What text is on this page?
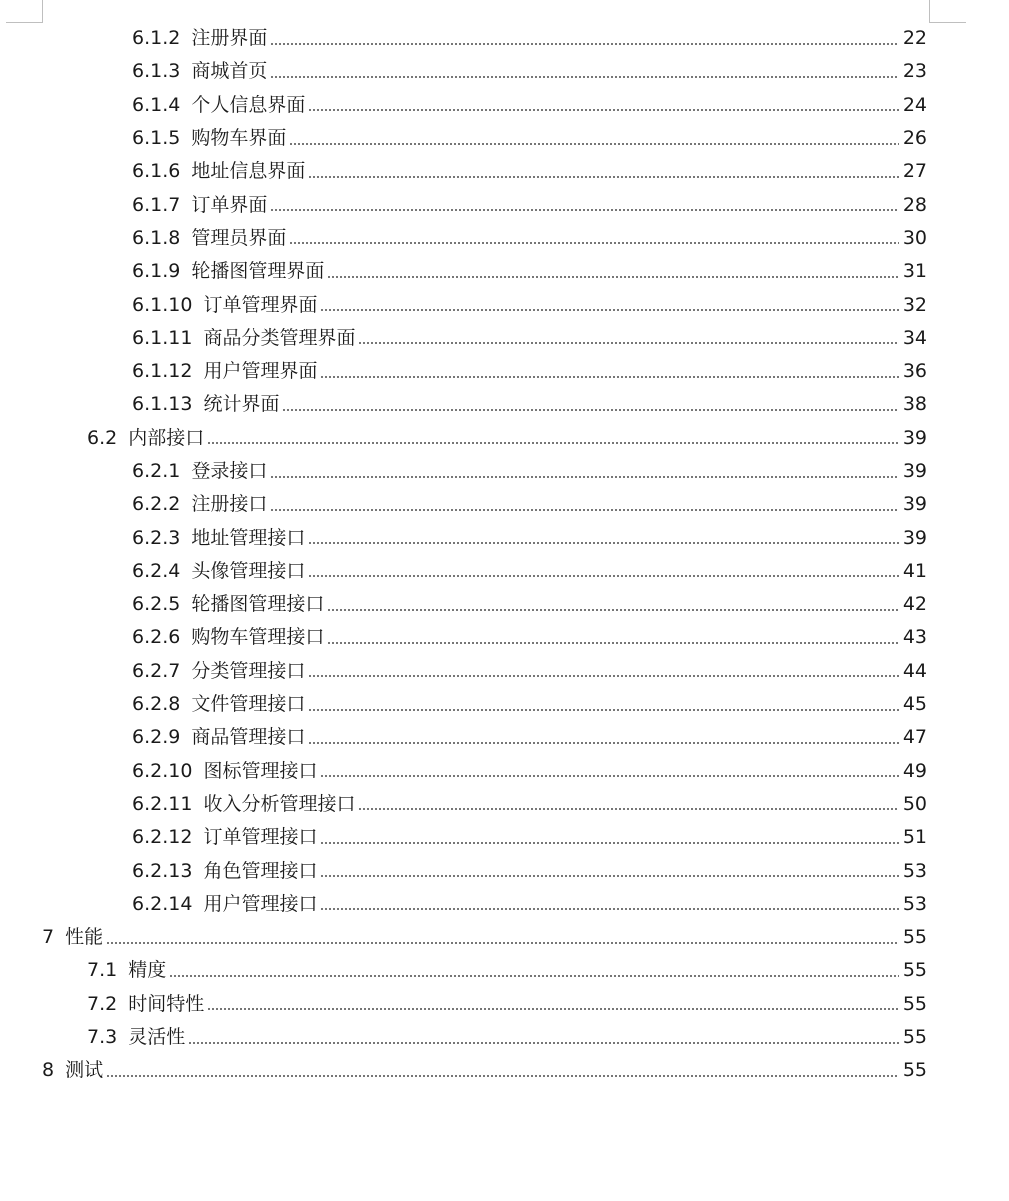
6.1.2 注册界面	22
6.1.3 商城首页	23
6.1.4 个人信息界面	24
6.1.5 购物车界面	26
6.1.6 地址信息界面	27
6.1.7 订单界面	28
6.1.8 管理员界面	30
6.1.9 轮播图管理界面	31
6.1.10 订单管理界面	32
6.1.11 商品分类管理界面	34
6.1.12 用户管理界面	36
6.1.13 统计界面	38
6.2 内部接口	39
6.2.1 登录接口	39
6.2.2 注册接口	39
6.2.3 地址管理接口	39
6.2.4 头像管理接口	41
6.2.5 轮播图管理接口	42
6.2.6 购物车管理接口	43
6.2.7 分类管理接口	44
6.2.8 文件管理接口	45
6.2.9 商品管理接口	47
6.2.10 图标管理接口	49
6.2.11 收入分析管理接口	50
6.2.12 订单管理接口	51
6.2.13 角色管理接口	53
6.2.14 用户管理接口	53
7 性能	55
7.1 精度	55
7.2 时间特性	55
7.3 灵活性	55
8 测试	55
